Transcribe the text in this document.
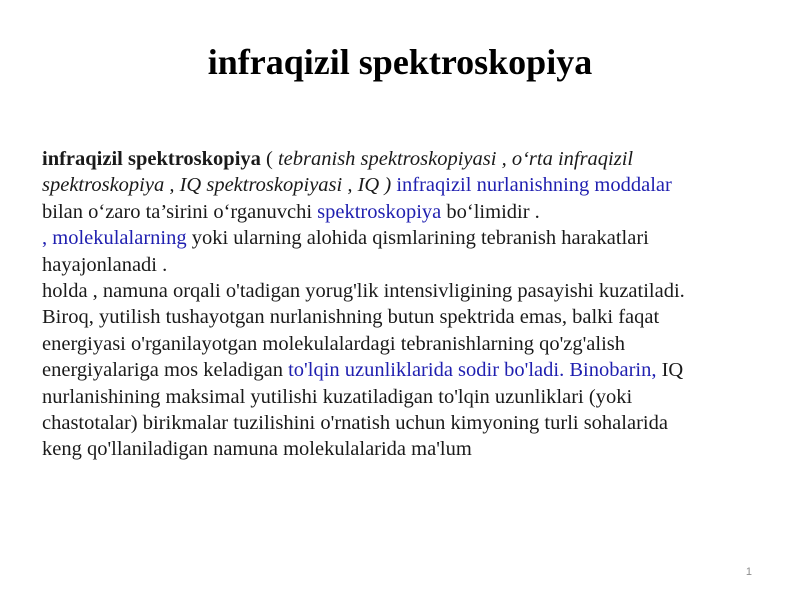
infraqizil spektroskopiya
infraqizil spektroskopiya ( tebranish spektroskopiyasi , o‘rta infraqizil
spektroskopiya , IQ spektroskopiyasi , IQ ) infraqizil nurlanishning moddalar
bilan o‘zaro ta’sirini o‘rganuvchi spektroskopiya bo‘limidir .
, molekulalarning yoki ularning alohida qismlarining tebranish harakatlari
hayajonlanadi .
holda , namuna orqali o'tadigan yorug'lik intensivligining pasayishi kuzatiladi.
Biroq, yutilish tushayotgan nurlanishning butun spektrida emas, balki faqat
energiyasi o'rganilayotgan molekulalardagi tebranishlarning qo'zg'alish
energiyalariga mos keladigan to'lqin uzunliklarida sodir bo'ladi. Binobarin, IQ
nurlanishining maksimal yutilishi kuzatiladigan to'lqin uzunliklari (yoki
chastotalar) birikmalar tuzilishini o'rnatish uchun kimyoning turli sohalarida
keng qo'llaniladigan namuna molekulalarida ma'lum
1
